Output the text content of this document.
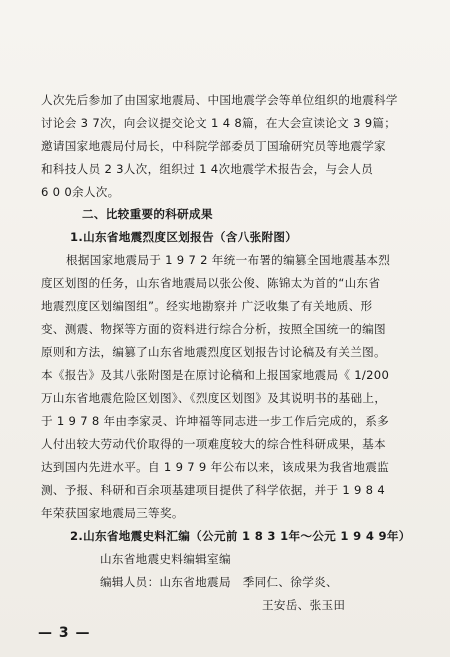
人次先后参加了由国家地震局、中国地震学会等单位组织的地震科学
讨论会 3 7次，向会议提交论文 1 4 8篇，在大会宣读论文 3 9篇；
邀请国家地震局付局长，中科院学部委员丁国瑜研究员等地震学家
和科技人员 2 3人次，组织过 1 4次地震学术报告会，与会人员
6 0 0余人次。
二、比较重要的科研成果
1.山东省地震烈度区划报告（含八张附图）
根据国家地震局于 1 9 7 2 年统一布署的编篡全国地震基本烈
度区划图的任务，山东省地震局以张公俊、陈锦太为首的“山东省
地震烈度区划编图组”。经实地勘察并 广泛收集了有关地质、形
变、测震、物探等方面的资料进行综合分析，按照全国统一的编图
原则和方法，编篡了山东省地震烈度区划报告讨论稿及有关兰图。
本《报告》及其八张附图是在原讨论稿和上报国家地震局《 1/200
万山东省地震危险区划图》、《烈度区划图》及其说明书的基础上，
于 1 9 7 8 年由李家灵、许坤福等同志进一步工作后完成的，系多
人付出较大劳动代价取得的一项难度较大的综合性科研成果，基本
达到国内先进水平。自 1 9 7 9 年公布以来，该成果为我省地震监
测、予报、科研和百余项基建项目提供了科学依据，并于 1 9 8 4
年荣获国家地震局三等奖。
2.山东省地震史料汇编（公元前 1 8 3 1年～公元 1 9 4 9年）
山东省地震史料编辑室编
编辑人员：山东省地震局　季同仁、徐学炎、
王安岳、张玉田
— 3 —
